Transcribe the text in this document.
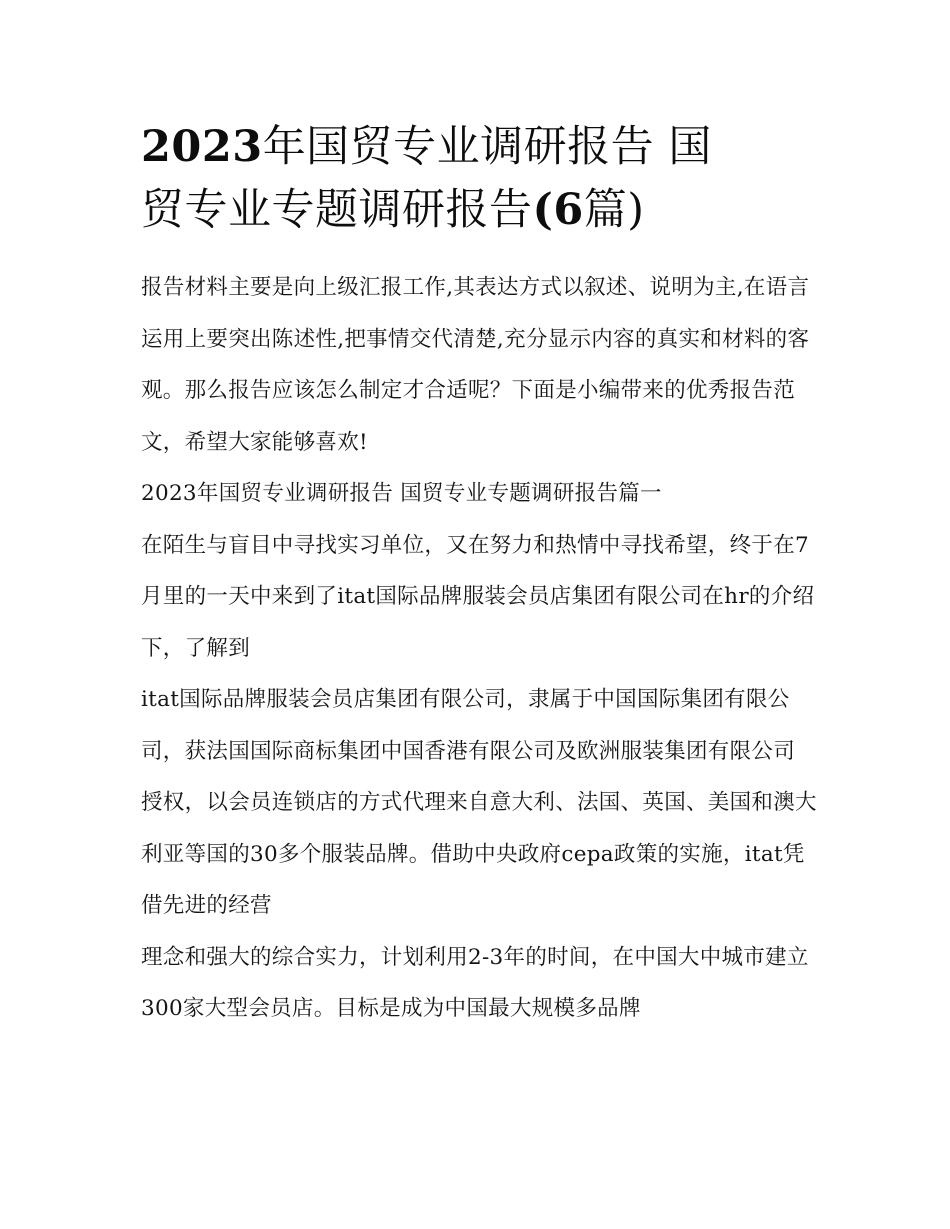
2023年国贸专业调研报告 国
贸专业专题调研报告(6篇)

报告材料主要是向上级汇报工作,其表达方式以叙述、说明为主,在语言运用上要突出陈述性,把事情交代清楚,充分显示内容的真实和材料的客观。那么报告应该怎么制定才合适呢？下面是小编带来的优秀报告范文，希望大家能够喜欢!

2023年国贸专业调研报告 国贸专业专题调研报告篇一

在陌生与盲目中寻找实习单位，又在努力和热情中寻找希望，终于在7月里的一天中来到了itat国际品牌服装会员店集团有限公司在hr的介绍下，了解到

itat国际品牌服装会员店集团有限公司，隶属于中国国际集团有限公司，获法国国际商标集团中国香港有限公司及欧洲服装集团有限公司

授权，以会员连锁店的方式代理来自意大利、法国、英国、美国和澳大利亚等国的30多个服装品牌。借助中央政府cepa政策的实施，itat凭借先进的经营

理念和强大的综合实力，计划利用2-3年的时间，在中国大中城市建立300家大型会员店。目标是成为中国最大规模多品牌
